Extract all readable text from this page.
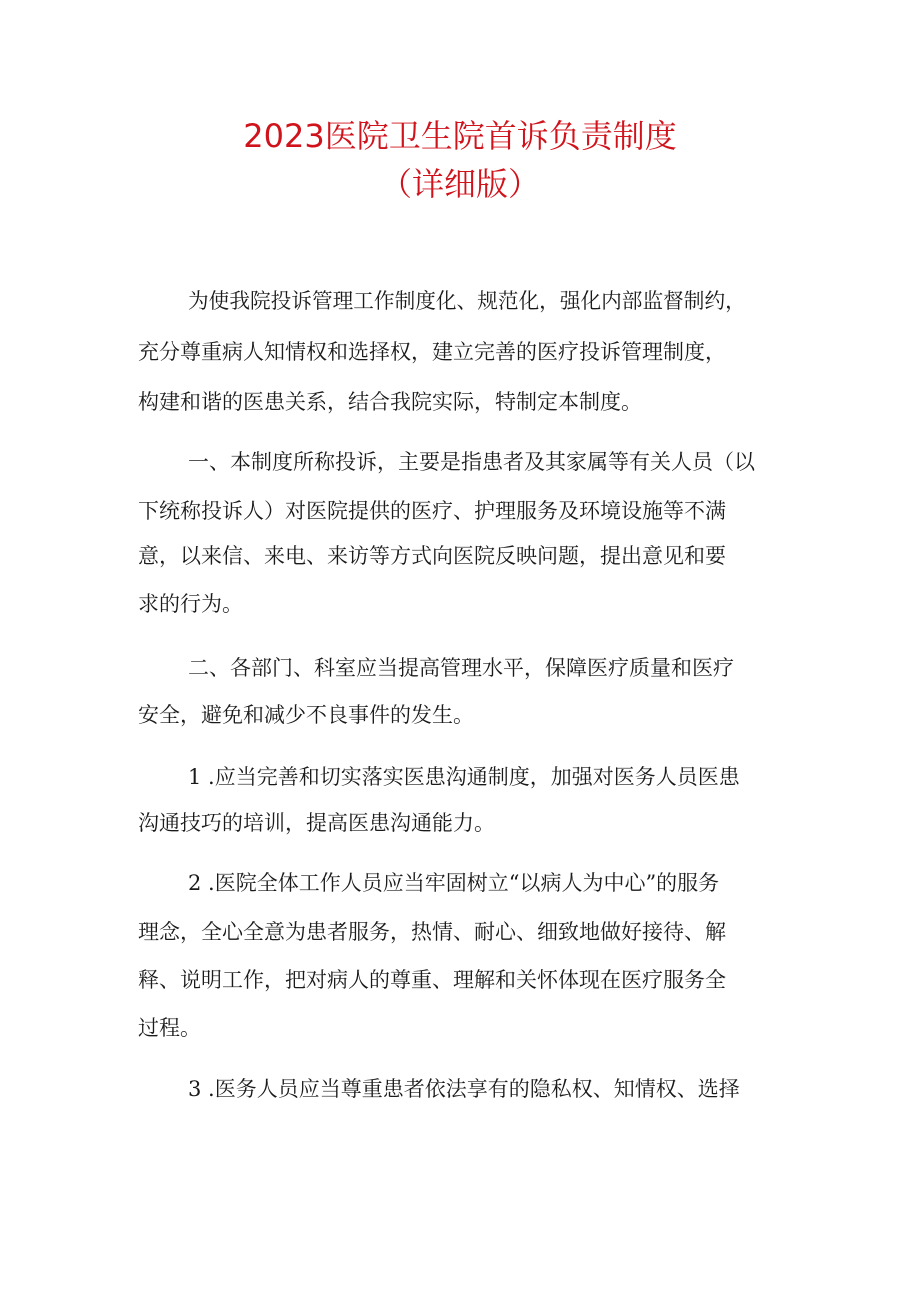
2023医院卫生院首诉负责制度
（详细版）
为使我院投诉管理工作制度化、规范化，强化内部监督制约，
充分尊重病人知情权和选择权，建立完善的医疗投诉管理制度，
构建和谐的医患关系，结合我院实际，特制定本制度。
一、本制度所称投诉，主要是指患者及其家属等有关人员（以
下统称投诉人）对医院提供的医疗、护理服务及环境设施等不满
意，以来信、来电、来访等方式向医院反映问题，提出意见和要
求的行为。
二、各部门、科室应当提高管理水平，保障医疗质量和医疗
安全，避免和减少不良事件的发生。
1 .应当完善和切实落实医患沟通制度，加强对医务人员医患
沟通技巧的培训，提高医患沟通能力。
2 .医院全体工作人员应当牢固树立“以病人为中心”的服务
理念，全心全意为患者服务，热情、耐心、细致地做好接待、解
释、说明工作，把对病人的尊重、理解和关怀体现在医疗服务全
过程。
3 .医务人员应当尊重患者依法享有的隐私权、知情权、选择
